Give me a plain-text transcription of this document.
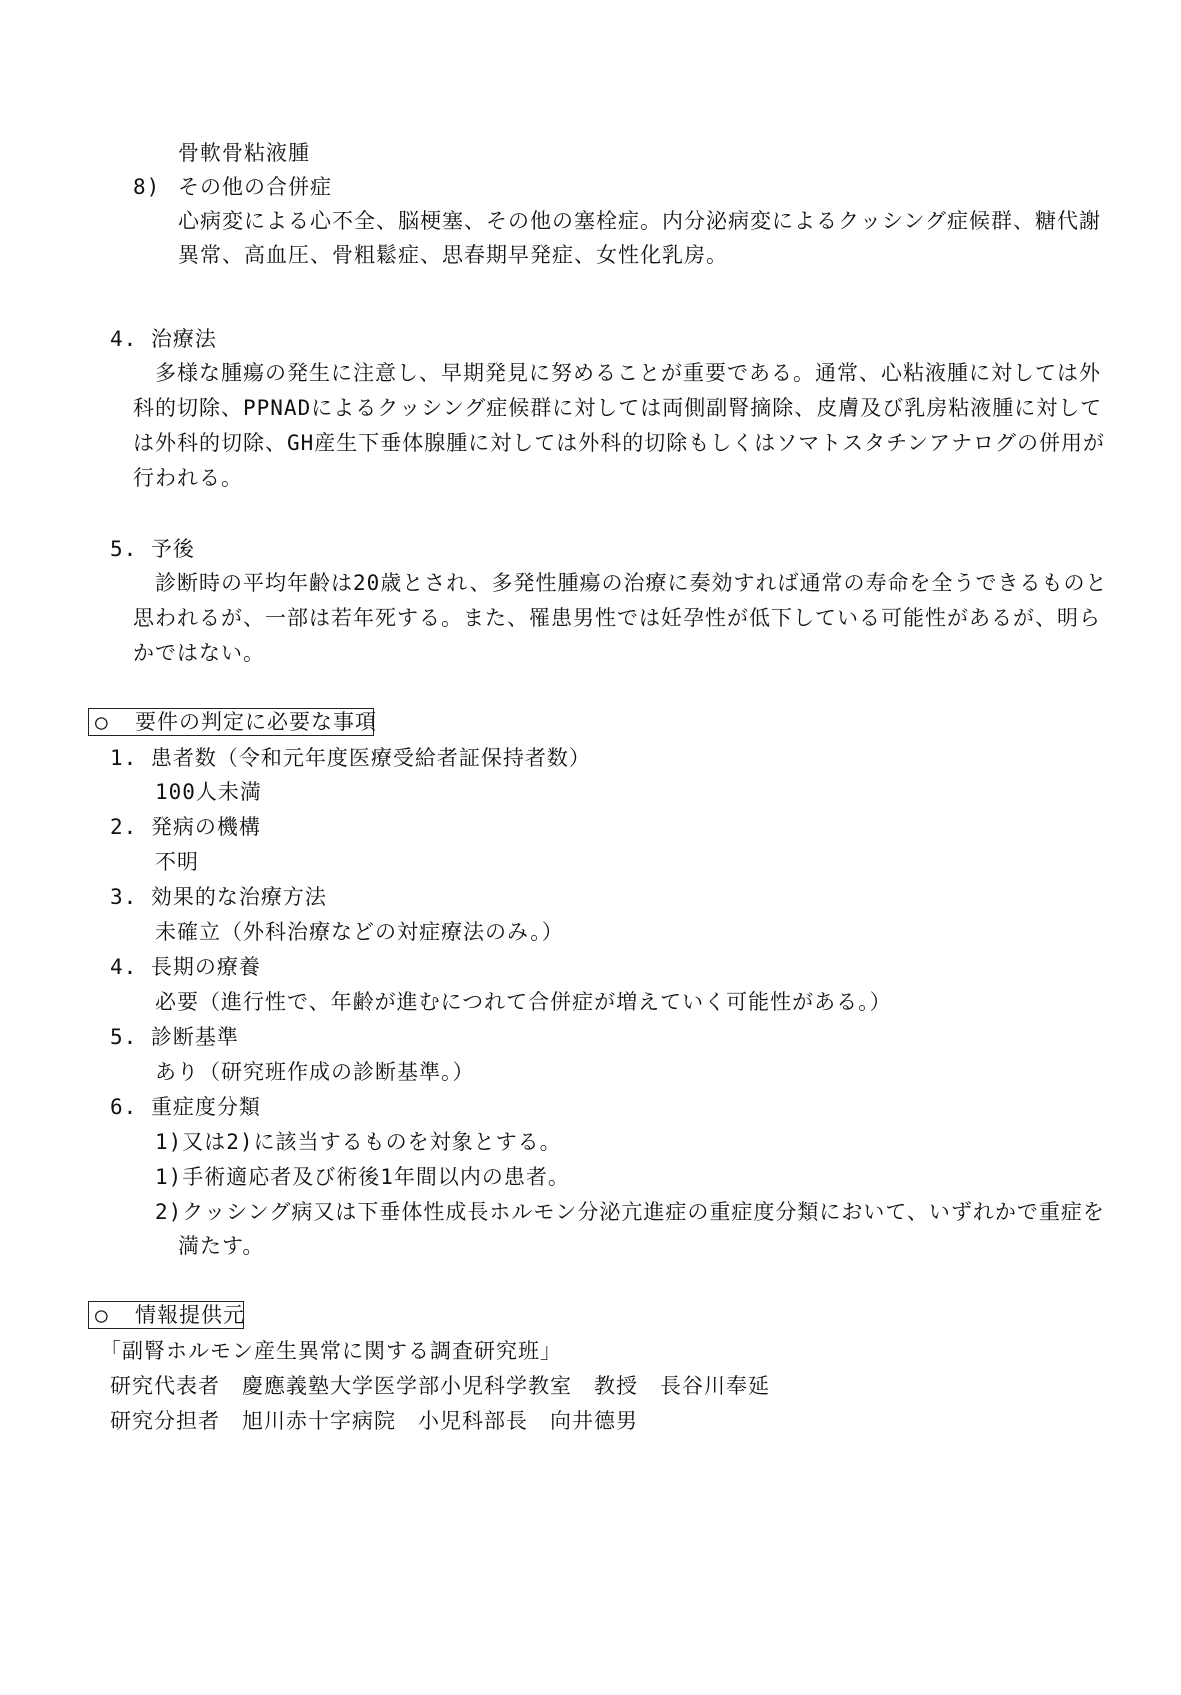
骨軟骨粘液腫
8) その他の合併症
心病変による心不全、脳梗塞、その他の塞栓症。内分泌病変によるクッシング症候群、糖代謝
異常、高血圧、骨粗鬆症、思春期早発症、女性化乳房。
4. 治療法
　多様な腫瘍の発生に注意し、早期発見に努めることが重要である。通常、心粘液腫に対しては外
科的切除、PPNADによるクッシング症候群に対しては両側副腎摘除、皮膚及び乳房粘液腫に対して
は外科的切除、GH産生下垂体腺腫に対しては外科的切除もしくはソマトスタチンアナログの併用が
行われる。
5. 予後
　診断時の平均年齢は20歳とされ、多発性腫瘍の治療に奏効すれば通常の寿命を全うできるものと
思われるが、一部は若年死する。また、罹患男性では妊孕性が低下している可能性があるが、明ら
かではない。
○ 要件の判定に必要な事項
1. 患者数（令和元年度医療受給者証保持者数）
100人未満
2. 発病の機構
不明
3. 効果的な治療方法
未確立（外科治療などの対症療法のみ。）
4. 長期の療養
必要（進行性で、年齢が進むにつれて合併症が増えていく可能性がある。）
5. 診断基準
あり（研究班作成の診断基準。）
6. 重症度分類
1)又は2)に該当するものを対象とする。
1)手術適応者及び術後1年間以内の患者。
2)クッシング病又は下垂体性成長ホルモン分泌亢進症の重症度分類において、いずれかで重症を
満たす。
○ 情報提供元
「副腎ホルモン産生異常に関する調査研究班」
研究代表者　慶應義塾大学医学部小児科学教室　教授　長谷川奉延
研究分担者　旭川赤十字病院　小児科部長　向井德男
